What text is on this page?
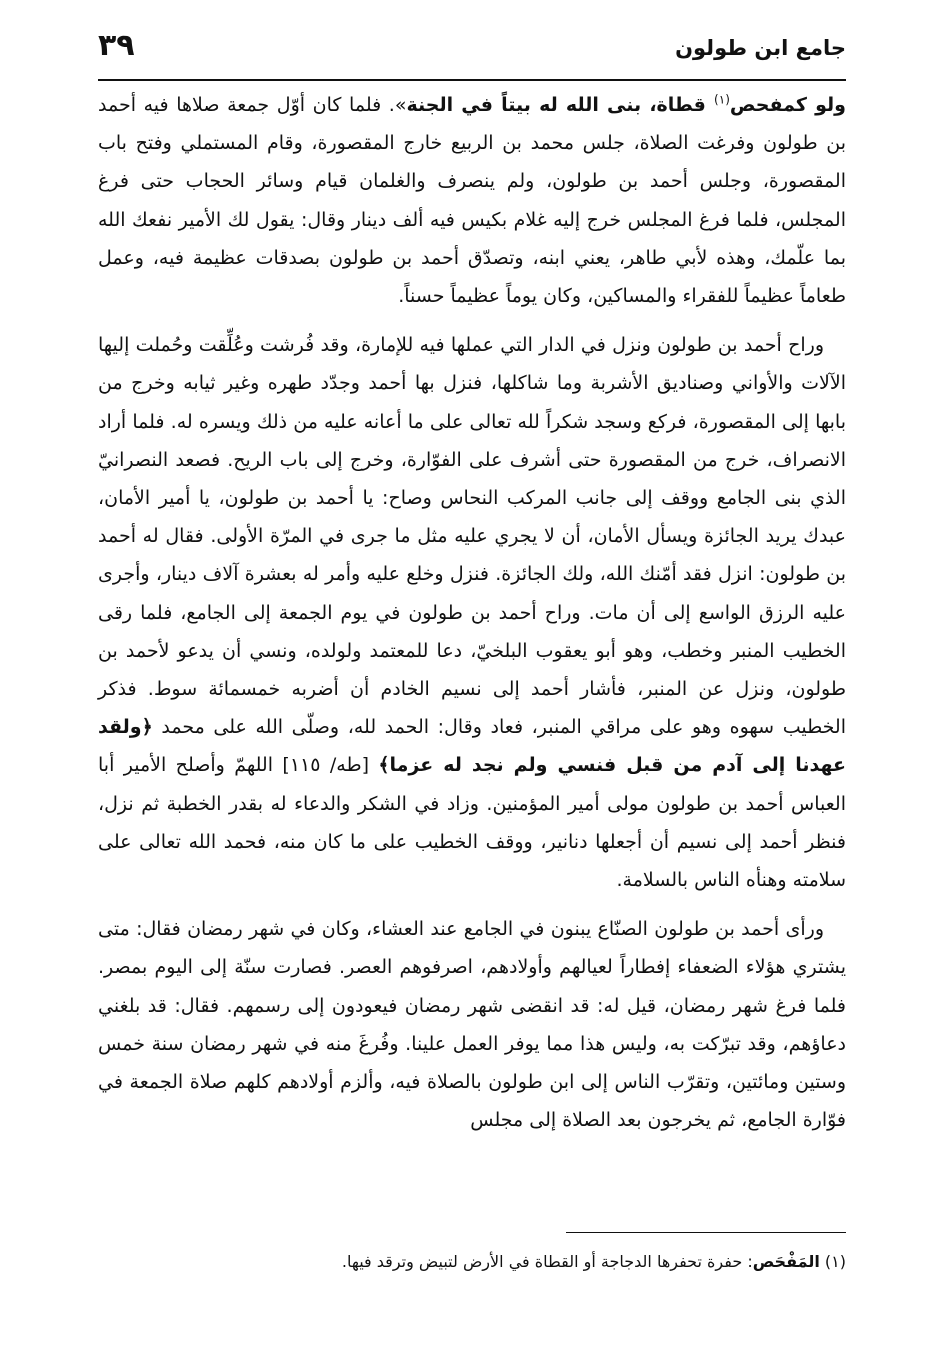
جامع ابن طولون
٣٩

ولو كمفحص$^{(١)}$ قطاة، بنى الله له بيتاً في الجنة». فلما كان أوّل جمعة صلاها فيه أحمد بن طولون وفرغت الصلاة، جلس محمد بن الربيع خارج المقصورة، وقام المستملي وفتح باب المقصورة، وجلس أحمد بن طولون، ولم ينصرف والغلمان قيام وسائر الحجاب حتى فرغ المجلس، فلما فرغ المجلس خرج إليه غلام بكيس فيه ألف دينار وقال: يقول لك الأمير نفعك الله بما علّمك، وهذه لأبي طاهر، يعني ابنه، وتصدّق أحمد بن طولون بصدقات عظيمة فيه، وعمل طعاماً عظيماً للفقراء والمساكين، وكان يوماً عظيماً حسناً.

وراح أحمد بن طولون ونزل في الدار التي عملها فيه للإمارة، وقد فُرشت وعُلِّقت وحُملت إليها الآلات والأواني وصناديق الأشربة وما شاكلها، فنزل بها أحمد وجدّد طهره وغير ثيابه وخرج من بابها إلى المقصورة، فركع وسجد شكراً لله تعالى على ما أعانه عليه من ذلك ويسره له. فلما أراد الانصراف، خرج من المقصورة حتى أشرف على الفوّارة، وخرج إلى باب الريح. فصعد النصرانيّ الذي بنى الجامع ووقف إلى جانب المركب النحاس وصاح: يا أحمد بن طولون، يا أمير الأمان، عبدك يريد الجائزة ويسأل الأمان، أن لا يجري عليه مثل ما جرى في المرّة الأولى. فقال له أحمد بن طولون: انزل فقد أمّنك الله، ولك الجائزة. فنزل وخلع عليه وأمر له بعشرة آلاف دينار، وأجرى عليه الرزق الواسع إلى أن مات. وراح أحمد بن طولون في يوم الجمعة إلى الجامع، فلما رقى الخطيب المنبر وخطب، وهو أبو يعقوب البلخيّ، دعا للمعتمد ولولده، ونسي أن يدعو لأحمد بن طولون، ونزل عن المنبر، فأشار أحمد إلى نسيم الخادم أن أضربه خمسمائة سوط. فذكر الخطيب سهوه وهو على مراقي المنبر، فعاد وقال: الحمد لله، وصلّى الله على محمد ﴿ولقد عهدنا إلى آدم من قبل فنسي ولم نجد له عزما﴾ [طه/ ١١٥] اللهمّ وأصلح الأمير أبا العباس أحمد بن طولون مولى أمير المؤمنين. وزاد في الشكر والدعاء له بقدر الخطبة ثم نزل، فنظر أحمد إلى نسيم أن أجعلها دنانير، ووقف الخطيب على ما كان منه، فحمد الله تعالى على سلامته وهنأه الناس بالسلامة.

ورأى أحمد بن طولون الصنّاع يبنون في الجامع عند العشاء، وكان في شهر رمضان فقال: متى يشتري هؤلاء الضعفاء إفطاراً لعيالهم وأولادهم، اصرفوهم العصر. فصارت سنّة إلى اليوم بمصر. فلما فرغ شهر رمضان، قيل له: قد انقضى شهر رمضان فيعودون إلى رسمهم. فقال: قد بلغني دعاؤهم، وقد تبرّكت به، وليس هذا مما يوفر العمل علينا. وفُرغَ منه في شهر رمضان سنة خمس وستين ومائتين، وتقرّب الناس إلى ابن طولون بالصلاة فيه، وألزم أولادهم كلهم صلاة الجمعة في فوّارة الجامع، ثم يخرجون بعد الصلاة إلى مجلس

(١) المَفْحَص: حفرة تحفرها الدجاجة أو القطاة في الأرض لتبيض وترقد فيها.
